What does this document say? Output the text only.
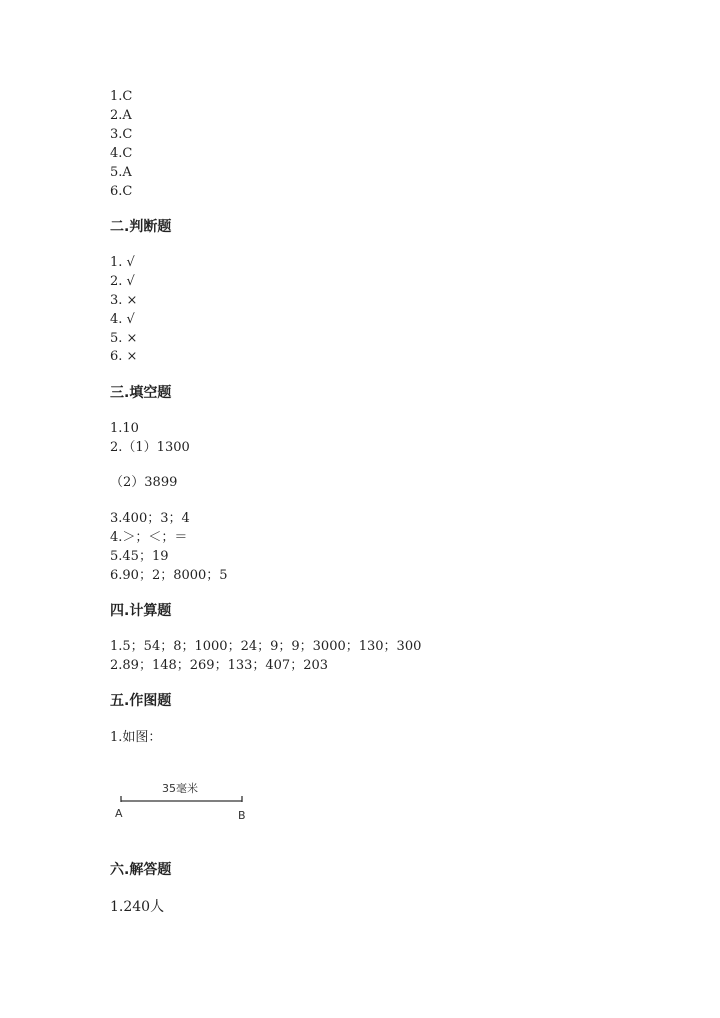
1.C
2.A
3.C
4.C
5.A
6.C
二.判断题
1. √
2. √
3. ×
4. √
5. ×
6. ×
三.填空题
1.10
2.（1）1300
（2）3899
3.400；3；4
4.＞；＜；＝
5.45；19
6.90；2；8000；5
四.计算题
1.5；54；8；1000；24；9；9；3000；130；300
2.89；148；269；133；407；203
五.作图题
1.如图：
35毫米
A	B
六.解答题
1.240人
